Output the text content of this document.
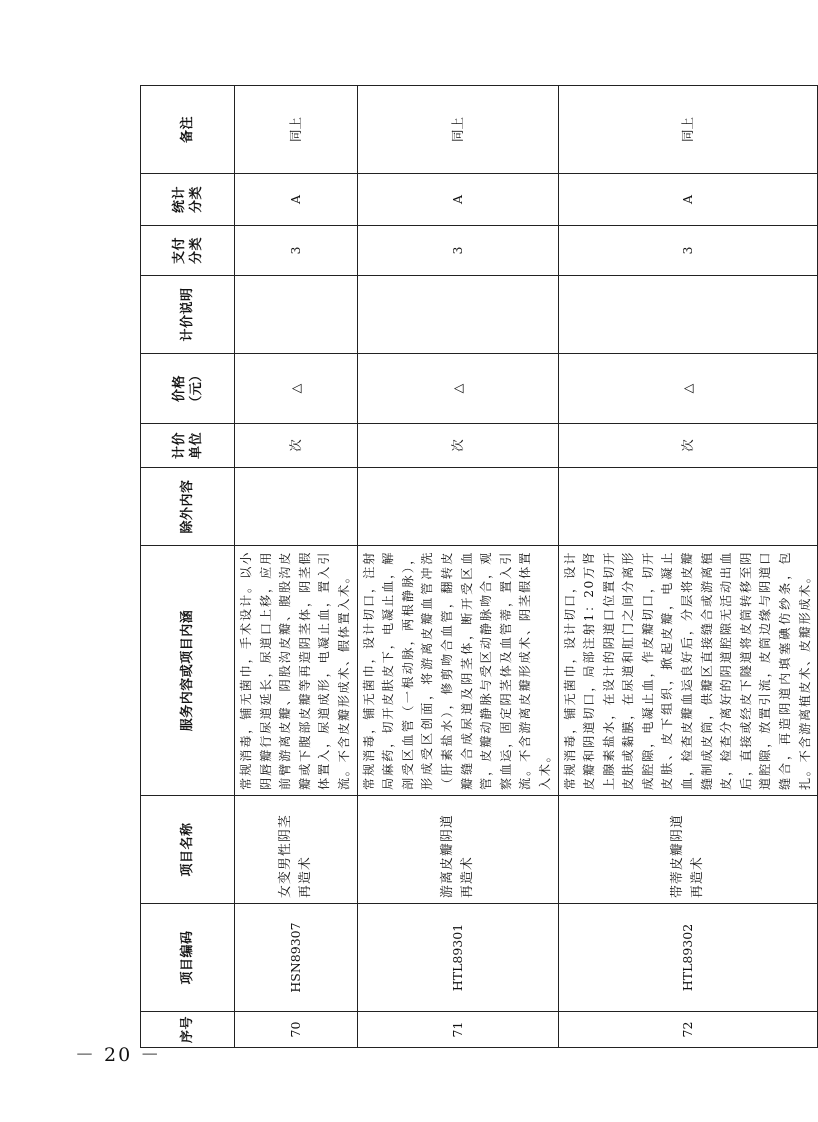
序号	项目编码	项目名称	服务内容或项目内涵	除外内容	计价 单位	价格 （元）	计价说明	支付 分类	统计 分类	备注
70	HSN89307	女变男性阴茎再造术	常规消毒，铺无菌巾，手术设计。以小阴唇瓣行尿道延长，尿道口上移，应用前臂游离皮瓣、阴股沟皮瓣、腹股沟皮瓣或下腹部皮瓣等再造阴茎体，阴茎假体置入，尿道成形，电凝止血，置入引流。不含皮瓣形成术、假体置入术。		次	△		3	A	同上
71	HTL89301	游离皮瓣阴道再造术	常规消毒，铺无菌巾，设计切口，注射局麻药，切开皮肤皮下，电凝止血，解剖受区血管（一根动脉，两根静脉），形成受区创面，将游离皮瓣血管冲洗（肝素盐水），修剪吻合血管，翻转皮瓣缝合成尿道及阴茎体，断开受区血管，皮瓣动静脉与受区动静脉吻合，观察血运，固定阴茎体及血管蒂，置入引流。不含游离皮瓣形成术、阴茎假体置入术。		次	△		3	A	同上
72	HTL89302	带蒂皮瓣阴道再造术	常规消毒，铺无菌巾，设计切口，设计皮瓣和阴道切口，局部注射1：20万肾上腺素盐水，在设计的阴道口位置切开皮肤或黏膜，在尿道和肛门之间分离形成腔隙，电凝止血，作皮瓣切口，切开皮肤、皮下组织，掀起皮瓣，电凝止血，检查皮瓣血运良好后，分层将皮瓣缝制成皮筒，供瓣区直接缝合或游离植皮，检查分离好的阴道腔隙无活动出血后，直接或经皮下隧道将皮筒转移至阴道腔隙，放置引流，皮筒边缘与阴道口缝合，再造阴道内填塞碘仿纱条，包扎。不含游离植皮术、皮瓣形成术。		次	△		3	A	同上
－ 20 －
